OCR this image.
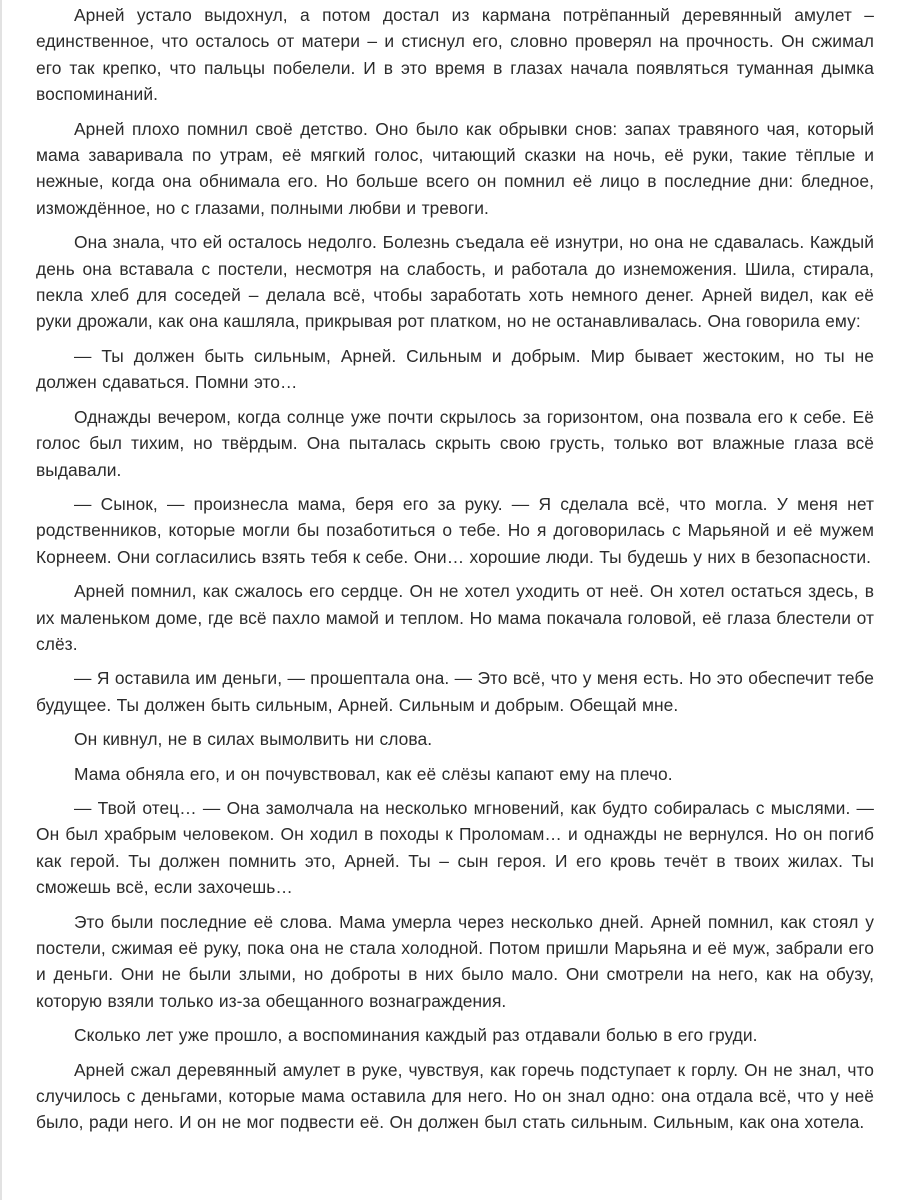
Арней устало выдохнул, а потом достал из кармана потрёпанный деревянный амулет – единственное, что осталось от матери – и стиснул его, словно проверял на прочность. Он сжимал его так крепко, что пальцы побелели. И в это время в глазах начала появляться туманная дымка воспоминаний.

Арней плохо помнил своё детство. Оно было как обрывки снов: запах травяного чая, который мама заваривала по утрам, её мягкий голос, читающий сказки на ночь, её руки, такие тёплые и нежные, когда она обнимала его. Но больше всего он помнил её лицо в последние дни: бледное, измождённое, но с глазами, полными любви и тревоги.

Она знала, что ей осталось недолго. Болезнь съедала её изнутри, но она не сдавалась. Каждый день она вставала с постели, несмотря на слабость, и работала до изнеможения. Шила, стирала, пекла хлеб для соседей – делала всё, чтобы заработать хоть немного денег. Арней видел, как её руки дрожали, как она кашляла, прикрывая рот платком, но не останавливалась. Она говорила ему:

— Ты должен быть сильным, Арней. Сильным и добрым. Мир бывает жестоким, но ты не должен сдаваться. Помни это…

Однажды вечером, когда солнце уже почти скрылось за горизонтом, она позвала его к себе. Её голос был тихим, но твёрдым. Она пыталась скрыть свою грусть, только вот влажные глаза всё выдавали.

— Сынок, — произнесла мама, беря его за руку. — Я сделала всё, что могла. У меня нет родственников, которые могли бы позаботиться о тебе. Но я договорилась с Марьяной и её мужем Корнеем. Они согласились взять тебя к себе. Они… хорошие люди. Ты будешь у них в безопасности.

Арней помнил, как сжалось его сердце. Он не хотел уходить от неё. Он хотел остаться здесь, в их маленьком доме, где всё пахло мамой и теплом. Но мама покачала головой, её глаза блестели от слёз.

— Я оставила им деньги, — прошептала она. — Это всё, что у меня есть. Но это обеспечит тебе будущее. Ты должен быть сильным, Арней. Сильным и добрым. Обещай мне.

Он кивнул, не в силах вымолвить ни слова.

Мама обняла его, и он почувствовал, как её слёзы капают ему на плечо.

— Твой отец… — Она замолчала на несколько мгновений, как будто собиралась с мыслями. — Он был храбрым человеком. Он ходил в походы к Проломам… и однажды не вернулся. Но он погиб как герой. Ты должен помнить это, Арней. Ты – сын героя. И его кровь течёт в твоих жилах. Ты сможешь всё, если захочешь…

Это были последние её слова. Мама умерла через несколько дней. Арней помнил, как стоял у постели, сжимая её руку, пока она не стала холодной. Потом пришли Марьяна и её муж, забрали его и деньги. Они не были злыми, но доброты в них было мало. Они смотрели на него, как на обузу, которую взяли только из-за обещанного вознаграждения.

Сколько лет уже прошло, а воспоминания каждый раз отдавали болью в его груди.

Арней сжал деревянный амулет в руке, чувствуя, как горечь подступает к горлу. Он не знал, что случилось с деньгами, которые мама оставила для него. Но он знал одно: она отдала всё, что у неё было, ради него. И он не мог подвести её. Он должен был стать сильным. Сильным, как она хотела.
